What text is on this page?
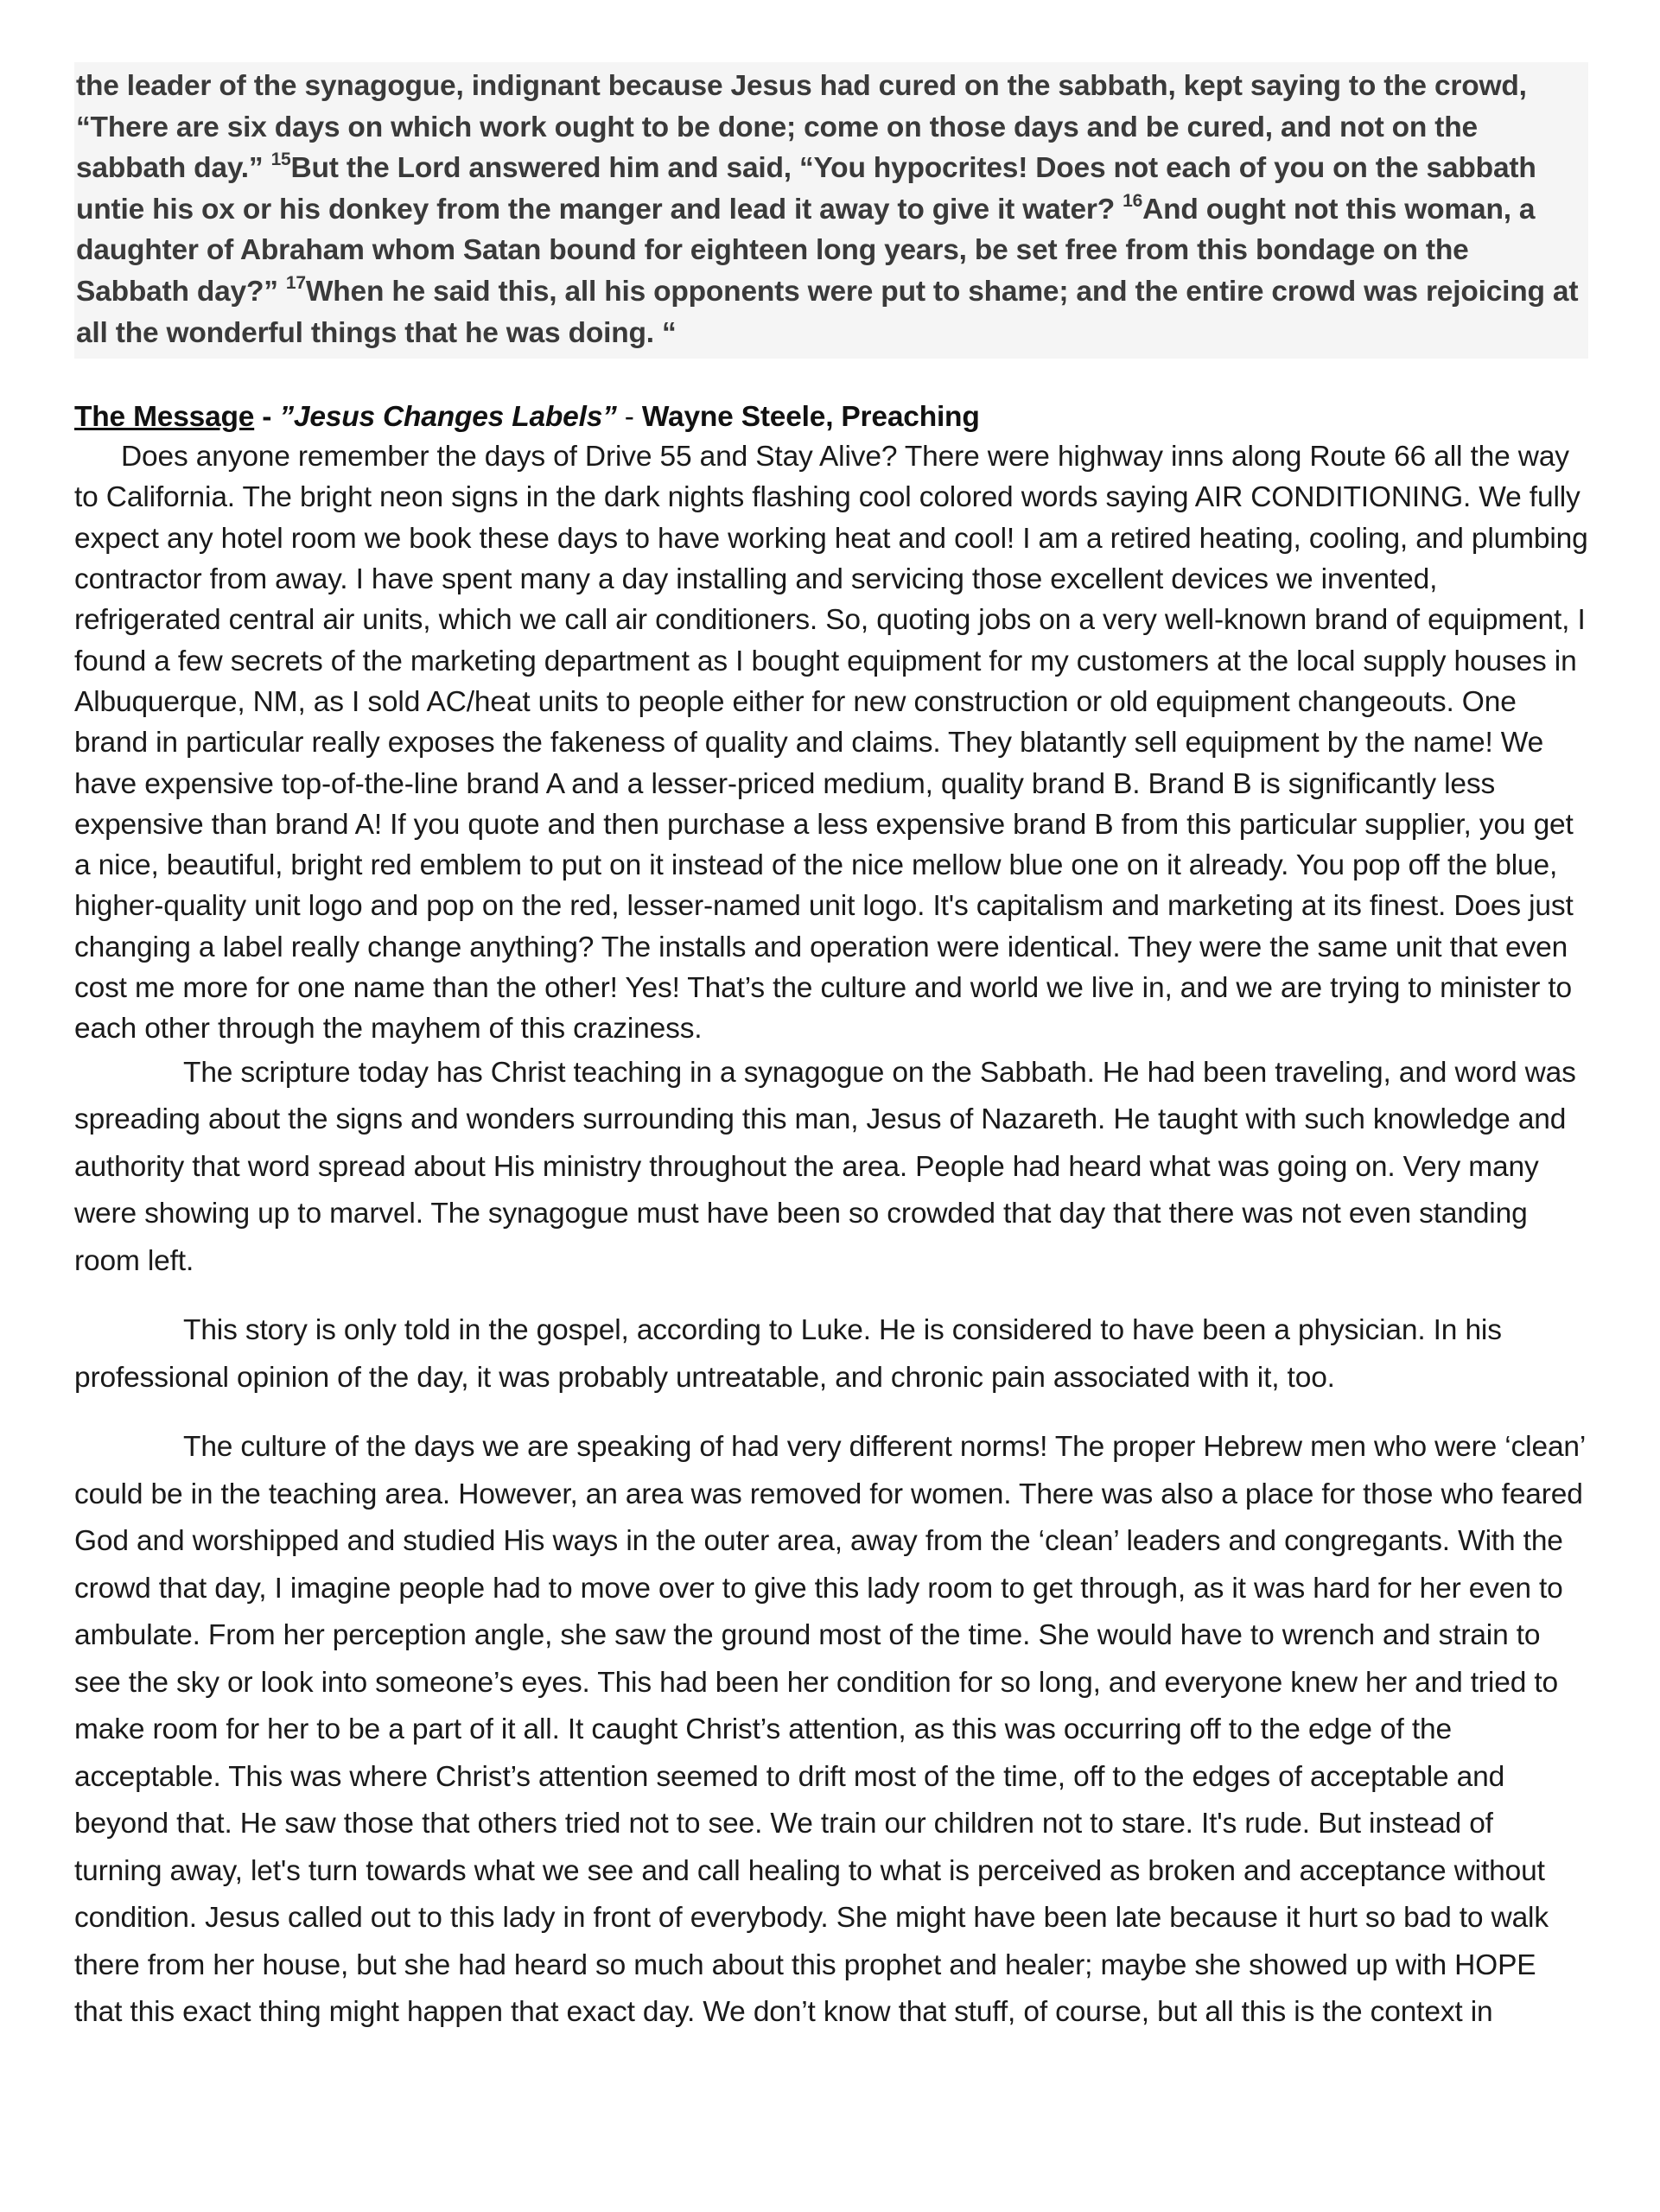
the leader of the synagogue, indignant because Jesus had cured on the sabbath, kept saying to the crowd, “There are six days on which work ought to be done; come on those days and be cured, and not on the sabbath day.” $^{15}$But the Lord answered him and said, “You hypocrites! Does not each of you on the sabbath untie his ox or his donkey from the manger and lead it away to give it water? $^{16}$And ought not this woman, a daughter of Abraham whom Satan bound for eighteen long years, be set free from this bondage on the Sabbath day?” $^{17}$When he said this, all his opponents were put to shame; and the entire crowd was rejoicing at all the wonderful things that he was doing. “
The Message - ”Jesus Changes Labels” - Wayne Steele, Preaching

Does anyone remember the days of Drive 55 and Stay Alive? There were highway inns along Route 66 all the way to California. The bright neon signs in the dark nights flashing cool colored words saying AIR CONDITIONING. We fully expect any hotel room we book these days to have working heat and cool! I am a retired heating, cooling, and plumbing contractor from away. I have spent many a day installing and servicing those excellent devices we invented, refrigerated central air units, which we call air conditioners. So, quoting jobs on a very well-known brand of equipment, I found a few secrets of the marketing department as I bought equipment for my customers at the local supply houses in Albuquerque, NM, as I sold AC/heat units to people either for new construction or old equipment changeouts. One brand in particular really exposes the fakeness of quality and claims. They blatantly sell equipment by the name! We have expensive top-of-the-line brand A and a lesser-priced medium, quality brand B. Brand B is significantly less expensive than brand A! If you quote and then purchase a less expensive brand B from this particular supplier, you get a nice, beautiful, bright red emblem to put on it instead of the nice mellow blue one on it already. You pop off the blue, higher-quality unit logo and pop on the red, lesser-named unit logo. It's capitalism and marketing at its finest. Does just changing a label really change anything? The installs and operation were identical. They were the same unit that even cost me more for one name than the other! Yes! That’s the culture and world we live in, and we are trying to minister to each other through the mayhem of this craziness.

The scripture today has Christ teaching in a synagogue on the Sabbath. He had been traveling, and word was spreading about the signs and wonders surrounding this man, Jesus of Nazareth. He taught with such knowledge and authority that word spread about His ministry throughout the area. People had heard what was going on. Very many were showing up to marvel. The synagogue must have been so crowded that day that there was not even standing room left.

This story is only told in the gospel, according to Luke. He is considered to have been a physician. In his professional opinion of the day, it was probably untreatable, and chronic pain associated with it, too.

The culture of the days we are speaking of had very different norms! The proper Hebrew men who were ‘clean’ could be in the teaching area. However, an area was removed for women. There was also a place for those who feared God and worshipped and studied His ways in the outer area, away from the ‘clean’ leaders and congregants. With the crowd that day, I imagine people had to move over to give this lady room to get through, as it was hard for her even to ambulate. From her perception angle, she saw the ground most of the time. She would have to wrench and strain to see the sky or look into someone’s eyes. This had been her condition for so long, and everyone knew her and tried to make room for her to be a part of it all. It caught Christ’s attention, as this was occurring off to the edge of the acceptable. This was where Christ’s attention seemed to drift most of the time, off to the edges of acceptable and beyond that. He saw those that others tried not to see. We train our children not to stare. It's rude. But instead of turning away, let's turn towards what we see and call healing to what is perceived as broken and acceptance without condition. Jesus called out to this lady in front of everybody. She might have been late because it hurt so bad to walk there from her house, but she had heard so much about this prophet and healer; maybe she showed up with HOPE that this exact thing might happen that exact day. We don’t know that stuff, of course, but all this is the context in
